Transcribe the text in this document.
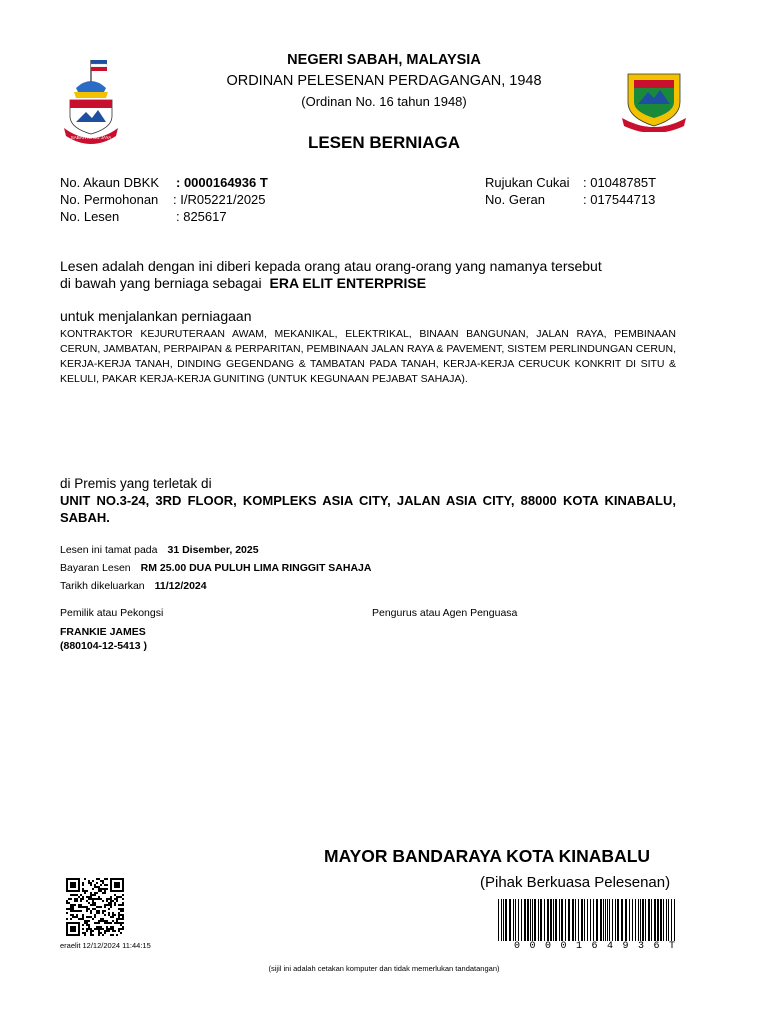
SABAH MAJU JAYA
NEGERI SABAH, MALAYSIA
ORDINAN PELESENAN PERDAGANGAN, 1948
(Ordinan No. 16 tahun 1948)
LESEN BERNIAGA
No. Akaun DBKK : 0000164936 T
No. Permohonan : I/R05221/2025
No. Lesen	: 825617
Rujukan Cukai : 01048785T
No. Geran	: 017544713
Lesen adalah dengan ini diberi kepada orang atau orang-orang yang namanya tersebut
di bawah yang berniaga sebagai ERA ELIT ENTERPRISE
untuk menjalankan perniagaan
KONTRAKTOR KEJURUTERAAN AWAM, MEKANIKAL, ELEKTRIKAL, BINAAN BANGUNAN, JALAN RAYA, PEMBINAAN CERUN, JAMBATAN, PERPAIPAN & PERPARITAN, PEMBINAAN JALAN RAYA & PAVEMENT, SISTEM PERLINDUNGAN CERUN, KERJA-KERJA TANAH, DINDING GEGENDANG & TAMBATAN PADA TANAH, KERJA-KERJA CERUCUK KONKRIT DI SITU & KELULI, PAKAR KERJA-KERJA GUNITING (UNTUK KEGUNAAN PEJABAT SAHAJA).
di Premis yang terletak di
UNIT NO.3-24, 3RD FLOOR, KOMPLEKS ASIA CITY, JALAN ASIA CITY, 88000 KOTA KINABALU, SABAH.
Lesen ini tamat pada 31 Disember, 2025
Bayaran Lesen RM 25.00 DUA PULUH LIMA RINGGIT SAHAJA
Tarikh dikeluarkan 11/12/2024
Pemilik atau Pekongsi
FRANKIE JAMES
(880104-12-5413 )
Pengurus atau Agen Penguasa
MAYOR BANDARAYA KOTA KINABALU
(Pihak Berkuasa Pelesenan)
eraelit 12/12/2024 11:44:15	0000164936T
(sijil ini adalah cetakan komputer dan tidak memerlukan tandatangan)
